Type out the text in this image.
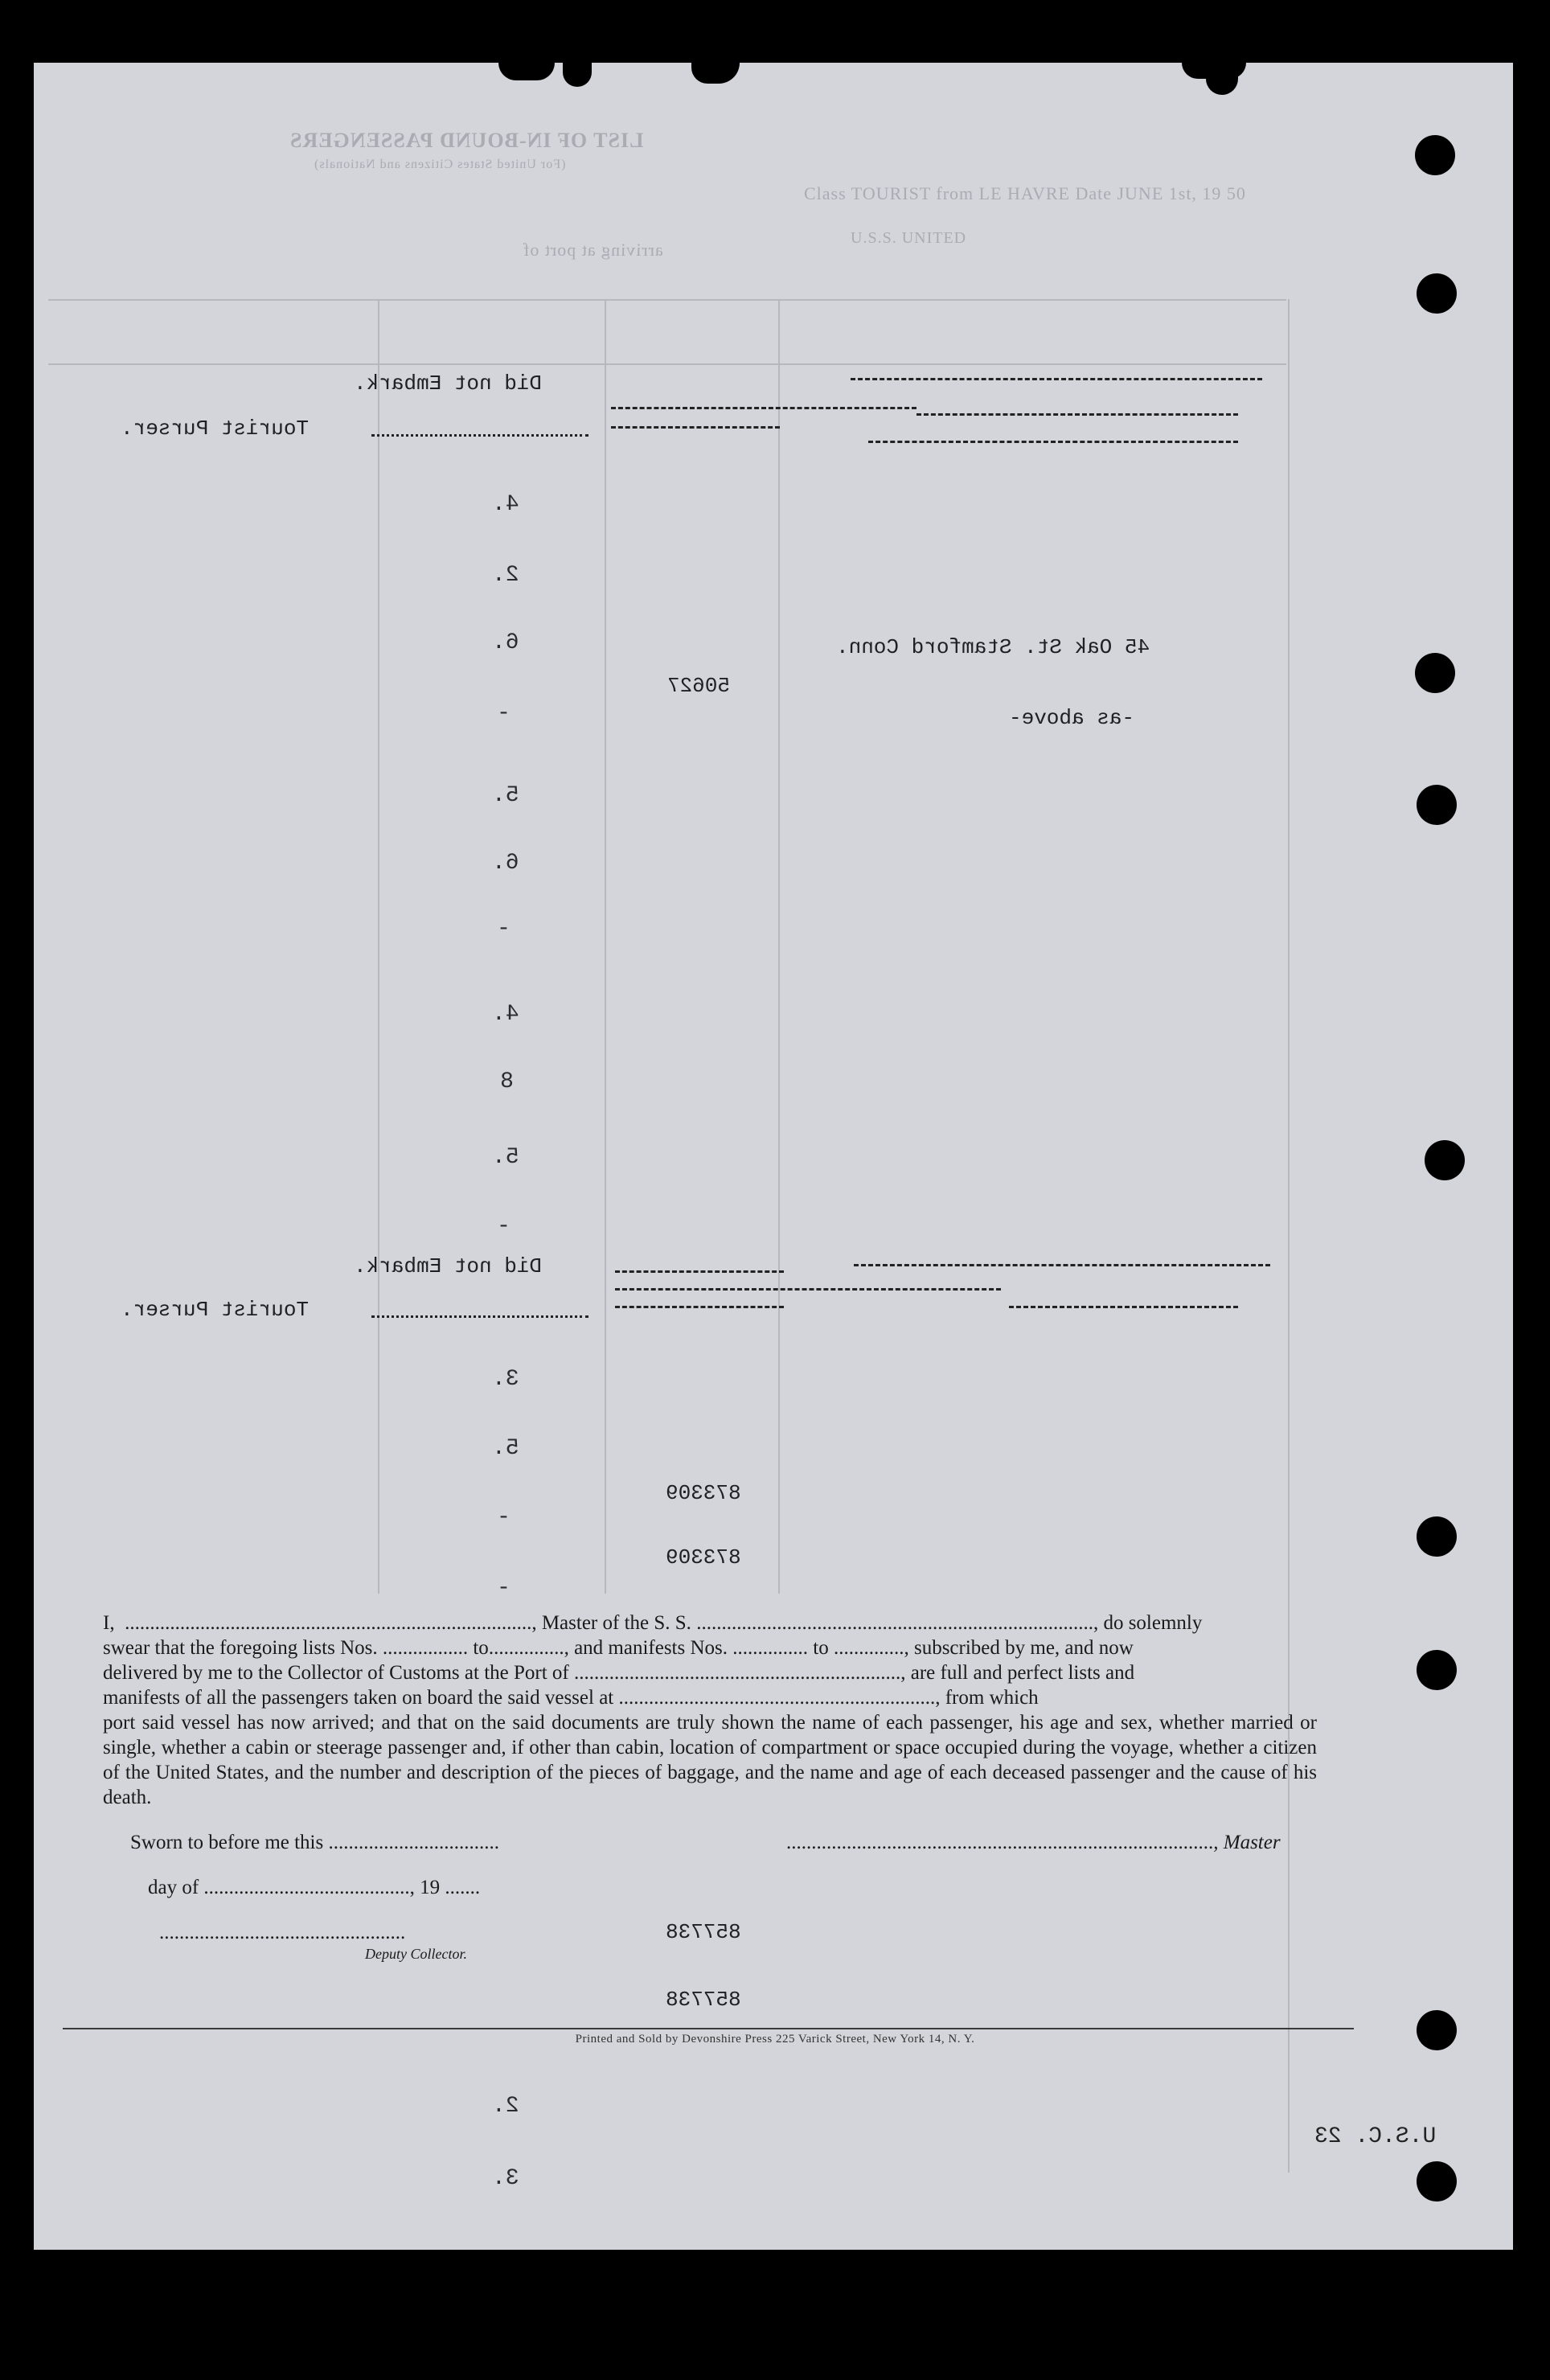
LIST OF IN-BOUND PASSENGERS
(For United States Citizens and Nationals)
Class TOURIST from LE HAVRE Date JUNE 1st, 19 50
arriving at port of
U.S.S. UNITED
Did not Embark.
Tourist Purser.
45 Oak St. Stamford Conn.
-as above-
50627
Did not Embark.
Tourist Purser.
873309
873309
857738
857738
4.
2.
6.
-
5.
6.
-
4.
8
5.
-
3.
5.
-
-
2.
3.

I,  ................................................................................., Master of the S. S. ..............................................................................., do solemnly

swear that the foregoing lists Nos. ................. to..............., and manifests Nos. ............... to .............., subscribed by me, and now

delivered by me to the Collector of Customs at the Port of ................................................................., are full and perfect lists and

manifests of all the passengers taken on board the said vessel at ..............................................................., from which

port said vessel has now arrived; and that on the said documents are truly shown the name of each passenger, his age and sex, whether married or single, whether a cabin or steerage passenger and, if other than cabin, location of compartment or space occupied during the voyage, whether a citizen of the United States, and the number and description of the pieces of baggage, and the name and age of each deceased passenger and the cause of his death.

Sworn to before me this ..................................	....................................................................................., Master
day of ........................................., 19 .......
.................................................
Deputy Collector.
Printed and Sold by Devonshire Press 225 Varick Street, New York 14, N. Y.
U.S.C. 23
